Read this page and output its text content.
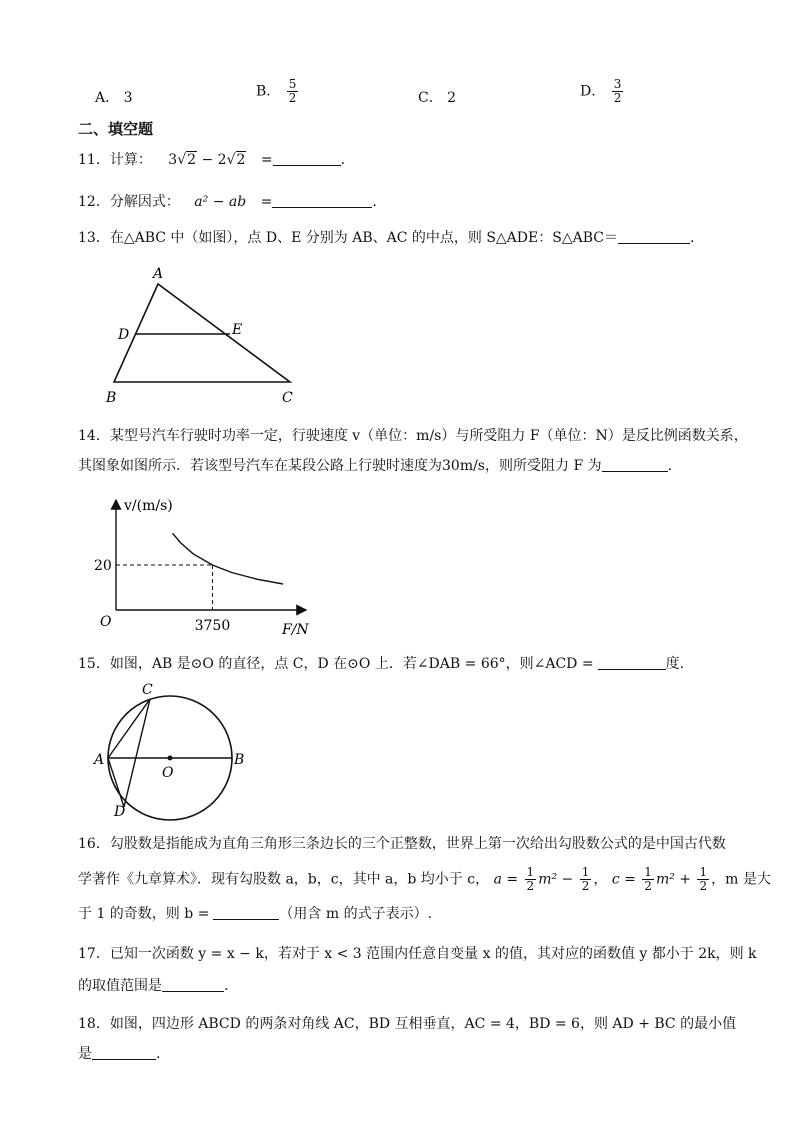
A． 3	B． $\frac{5}{2}$	C． 2	D． $\frac{3}{2}$
二、填空题
11．计算： 3√2 − 2√2 =	.
12．分解因式： a² − ab =	.
13．在△ABC 中（如图），点 D、E 分别为 AB、AC 的中点，则 S△ADE：S△ABC＝	.
A
D	E
B	C
14．某型号汽车行驶时功率一定，行驶速度 v（单位：m/s）与所受阻力 F（单位：N）是反比例函数关系，
其图象如图所示．若该型号汽车在某段公路上行驶时速度为30m/s，则所受阻力 F 为	.
v/(m/s)
F/N
O
20
3750
15．如图，AB 是⊙O 的直径，点 C，D 在⊙O 上．若∠DAB = 66°，则∠ACD =	度.
C
A	B
O
D
16．勾股数是指能成为直角三角形三条边长的三个正整数，世界上第一次给出勾股数公式的是中国古代数
学著作《九章算术》．现有勾股数 a，b，c，其中 a，b 均小于 c， $a = \frac{1}{2} m^2 - \frac{1}{2}$ ， $c = \frac{1}{2} m^2 + \frac{1}{2}$ ，m 是大
于 1 的奇数，则 b =	（用含 m 的式子表示）.
17．已知一次函数 y = x − k，若对于 x < 3 范围内任意自变量 x 的值，其对应的函数值 y 都小于 2k，则 k
的取值范围是	.
18．如图，四边形 ABCD 的两条对角线 AC，BD 互相垂直，AC = 4，BD = 6，则 AD + BC 的最小值
是	.
